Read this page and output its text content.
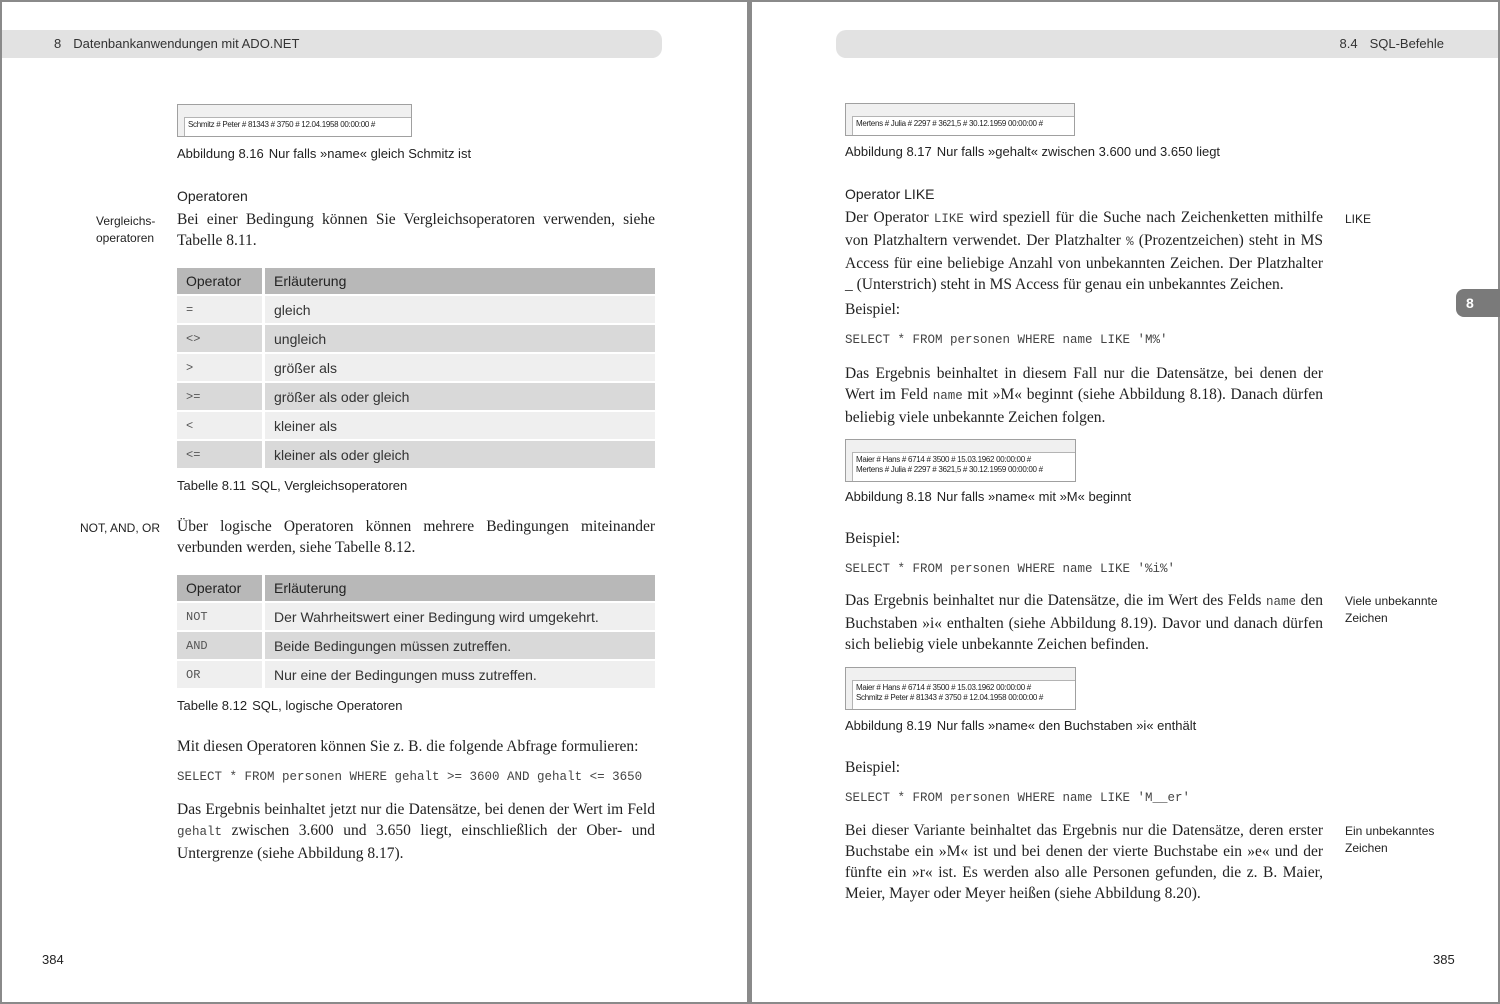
8 Datenbankanwendungen mit ADO.NET
Schmitz # Peter # 81343 # 3750 # 12.04.1958 00:00:00 #
Abbildung 8.16 Nur falls »name« gleich Schmitz ist
Operatoren
Vergleichs-
operatoren
Bei einer Bedingung können Sie Vergleichsoperatoren verwenden, siehe Tabelle 8.11.
Operator	Erläuterung
=	gleich
<>	ungleich
>	größer als
>=	größer als oder gleich
<	kleiner als
<=	kleiner als oder gleich
Tabelle 8.11 SQL, Vergleichsoperatoren
NOT, AND, OR Über logische Operatoren können mehrere Bedingungen miteinander verbunden werden, siehe Tabelle 8.12.
Operator	Erläuterung
NOT	Der Wahrheitswert einer Bedingung wird umgekehrt.
AND	Beide Bedingungen müssen zutreffen.
OR	Nur eine der Bedingungen muss zutreffen.
Tabelle 8.12 SQL, logische Operatoren
Mit diesen Operatoren können Sie z. B. die folgende Abfrage formulieren:
SELECT * FROM personen WHERE gehalt >= 3600 AND gehalt <= 3650
Das Ergebnis beinhaltet jetzt nur die Datensätze, bei denen der Wert im Feld gehalt zwischen 3.600 und 3.650 liegt, einschließlich der Ober- und Untergrenze (siehe Abbildung 8.17).
384
8.4 SQL-Befehle
8
Mertens # Julia # 2297 # 3621,5 # 30.12.1959 00:00:00 #
Abbildung 8.17 Nur falls »gehalt« zwischen 3.600 und 3.650 liegt
Operator LIKE
LIKE
Der Operator LIKE wird speziell für die Suche nach Zeichenketten mithilfe von Platzhaltern verwendet. Der Platzhalter % (Prozentzeichen) steht in MS Access für eine beliebige Anzahl von unbekannten Zeichen. Der Platzhalter _ (Unterstrich) steht in MS Access für genau ein unbekanntes Zeichen.
Beispiel:
SELECT * FROM personen WHERE name LIKE 'M%'
Das Ergebnis beinhaltet in diesem Fall nur die Datensätze, bei denen der Wert im Feld name mit »M« beginnt (siehe Abbildung 8.18). Danach dürfen beliebig viele unbekannte Zeichen folgen.
Maier # Hans # 6714 # 3500 # 15.03.1962 00:00:00 #
Mertens # Julia # 2297 # 3621,5 # 30.12.1959 00:00:00 #
Abbildung 8.18 Nur falls »name« mit »M« beginnt
Beispiel:
SELECT * FROM personen WHERE name LIKE '%i%'
Viele unbekannte
Zeichen
Das Ergebnis beinhaltet nur die Datensätze, die im Wert des Felds name den Buchstaben »i« enthalten (siehe Abbildung 8.19). Davor und danach dürfen sich beliebig viele unbekannte Zeichen befinden.
Maier # Hans # 6714 # 3500 # 15.03.1962 00:00:00 #
Schmitz # Peter # 81343 # 3750 # 12.04.1958 00:00:00 #
Abbildung 8.19 Nur falls »name« den Buchstaben »i« enthält
Beispiel:
SELECT * FROM personen WHERE name LIKE 'M__er'
Ein unbekanntes
Zeichen
Bei dieser Variante beinhaltet das Ergebnis nur die Datensätze, deren erster Buchstabe ein »M« ist und bei denen der vierte Buchstabe ein »e« und der fünfte ein »r« ist. Es werden also alle Personen gefunden, die z. B. Maier, Meier, Mayer oder Meyer heißen (siehe Abbildung 8.20).
385
